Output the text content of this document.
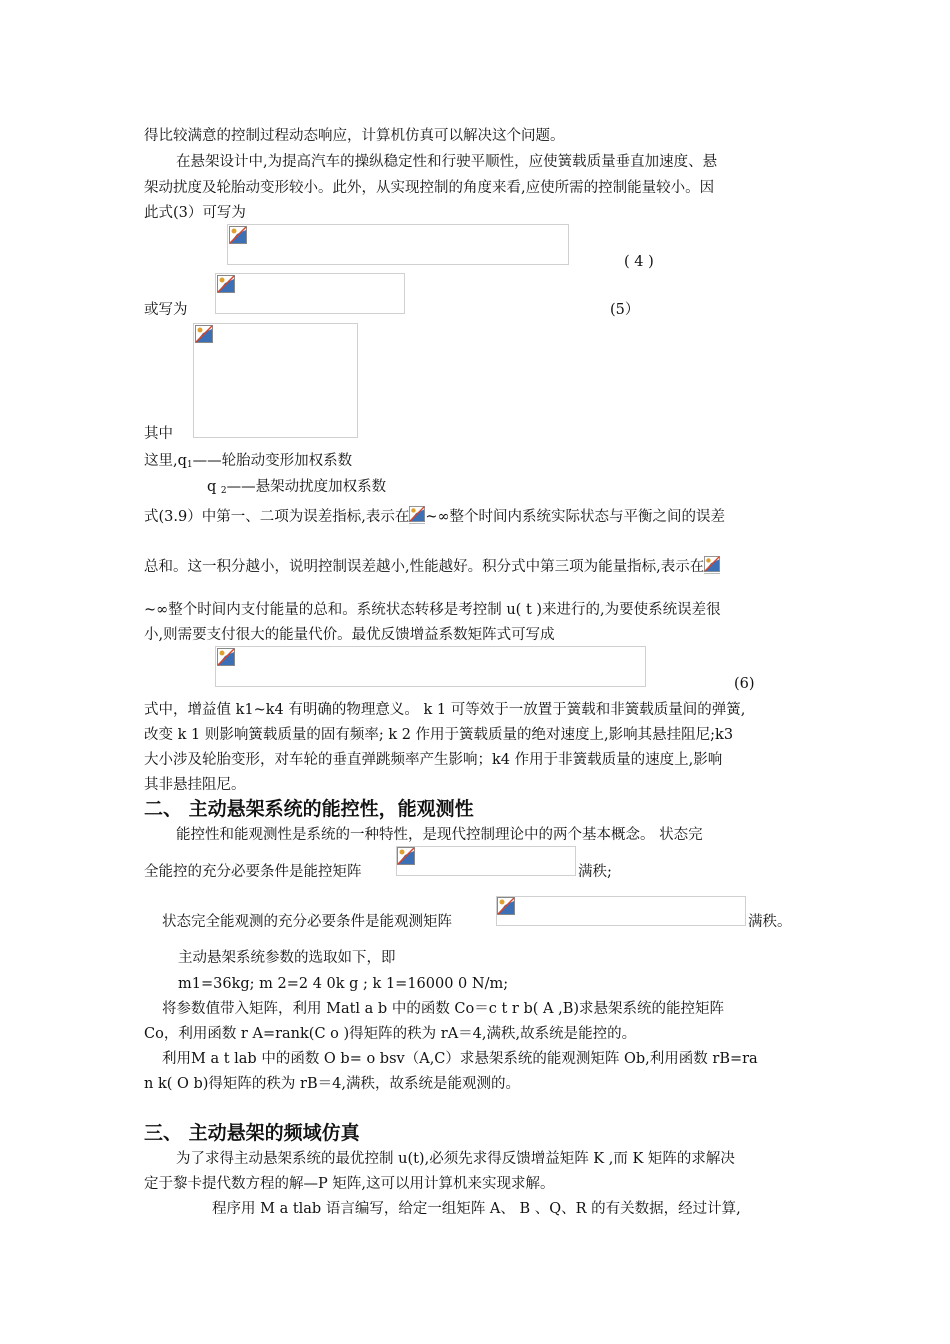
得比较满意的控制过程动态响应，计算机仿真可以解决这个问题。
在悬架设计中,为提高汽车的操纵稳定性和行驶平顺性，应使簧载质量垂直加速度、悬
架动扰度及轮胎动变形较小。此外，从实现控制的角度来看,应使所需的控制能量较小。因
此式(3）可写为
( 4 )
或写为	(5）
其中
这里$,q_1——$轮胎动变形加权系数
q $_2$——悬架动扰度加权系数
式(3.9）中第一、二项为误差指标,表示在 ~∞整个时间内系统实际状态与平衡之间的误差
总和。这一积分越小，说明控制误差越小,性能越好。积分式中第三项为能量指标,表示在
~∞整个时间内支付能量的总和。系统状态转移是考控制 u( t )来进行的,为要使系统误差很
小,则需要支付很大的能量代价。最优反馈增益系数矩阵式可写成
(6)
式中，增益值 k1~k4 有明确的物理意义。 k 1 可等效于一放置于簧载和非簧载质量间的弹簧,
改变 k 1 则影响簧载质量的固有频率; k 2 作用于簧载质量的绝对速度上,影响其悬挂阻尼;k3
大小涉及轮胎变形，对车轮的垂直弹跳频率产生影响；k4 作用于非簧载质量的速度上,影响
其非悬挂阻尼。
二、 主动悬架系统的能控性，能观测性
能控性和能观测性是系统的一种特性，是现代控制理论中的两个基本概念。 状态完
全能控的充分必要条件是能控矩阵	满秩;
状态完全能观测的充分必要条件是能观测矩阵	满秩。
主动悬架系统参数的选取如下，即
m1=36kg; m 2=2 4 0k g ; k 1=16000 0 N/m;
将参数值带入矩阵，利用 Matl a b 中的函数 Co＝c t r b( A ,B)求悬架系统的能控矩阵
Co，利用函数 r A=rank(C o )得矩阵的秩为 rA＝4,满秩,故系统是能控的。
利用M a t lab 中的函数 O b= o bsv（A,C）求悬架系统的能观测矩阵 Ob,利用函数 rB=ra
n k( O b)得矩阵的秩为 rB＝4,满秩，故系统是能观测的。
三、 主动悬架的频域仿真
为了求得主动悬架系统的最优控制 u(t),必须先求得反馈增益矩阵 K ,而 K 矩阵的求解决
定于黎卡提代数方程的解—P 矩阵,这可以用计算机来实现求解。
程序用 M a tlab 语言编写，给定一组矩阵 A、 B 、Q、R 的有关数据，经过计算,
